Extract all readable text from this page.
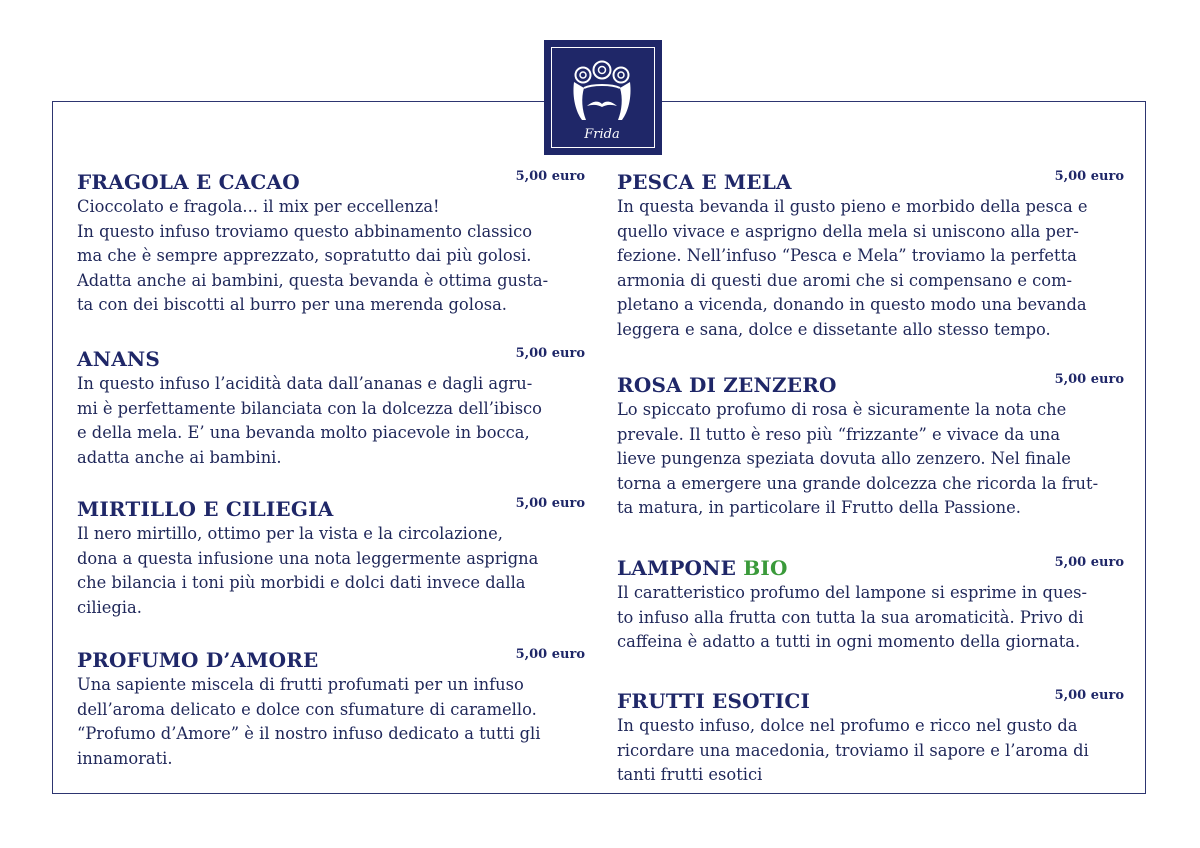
Frida
FRAGOLA E CACAO	5,00 euro

Cioccolato e fragola... il mix per eccellenza!
In questo infuso troviamo questo abbinamento classico
ma che è sempre apprezzato, sopratutto dai più golosi.
Adatta anche ai bambini, questa bevanda è ottima gusta-
ta con dei biscotti al burro per una merenda golosa.

ANANS	5,00 euro

In questo infuso l’acidità data dall’ananas e dagli agru-
mi è perfettamente bilanciata con la dolcezza dell’ibisco
e della mela. E’ una bevanda molto piacevole in bocca,
adatta anche ai bambini.

MIRTILLO E CILIEGIA	5,00 euro

Il nero mirtillo, ottimo per la vista e la circolazione,
dona a questa infusione una nota leggermente asprigna
che bilancia i toni più morbidi e dolci dati invece dalla
ciliegia.

PROFUMO D’AMORE	5,00 euro

Una sapiente miscela di frutti profumati per un infuso
dell’aroma delicato e dolce con sfumature di caramello.
“Profumo d’Amore” è il nostro infuso dedicato a tutti gli
innamorati.

PESCA E MELA	5,00 euro

In questa bevanda il gusto pieno e morbido della pesca e
quello vivace e asprigno della mela si uniscono alla per-
fezione. Nell’infuso “Pesca e Mela” troviamo la perfetta
armonia di questi due aromi che si compensano e com-
pletano a vicenda, donando in questo modo una bevanda
leggera e sana, dolce e dissetante allo stesso tempo.

ROSA DI ZENZERO	5,00 euro

Lo spiccato profumo di rosa è sicuramente la nota che
prevale. Il tutto è reso più “frizzante” e vivace da una
lieve pungenza speziata dovuta allo zenzero. Nel finale
torna a emergere una grande dolcezza che ricorda la frut-
ta matura, in particolare il Frutto della Passione.

LAMPONE BIO	5,00 euro

Il caratteristico profumo del lampone si esprime in ques-
to infuso alla frutta con tutta la sua aromaticità. Privo di
caffeina è adatto a tutti in ogni momento della giornata.

FRUTTI ESOTICI	5,00 euro

In questo infuso, dolce nel profumo e ricco nel gusto da
ricordare una macedonia, troviamo il sapore e l’aroma di
tanti frutti esotici
